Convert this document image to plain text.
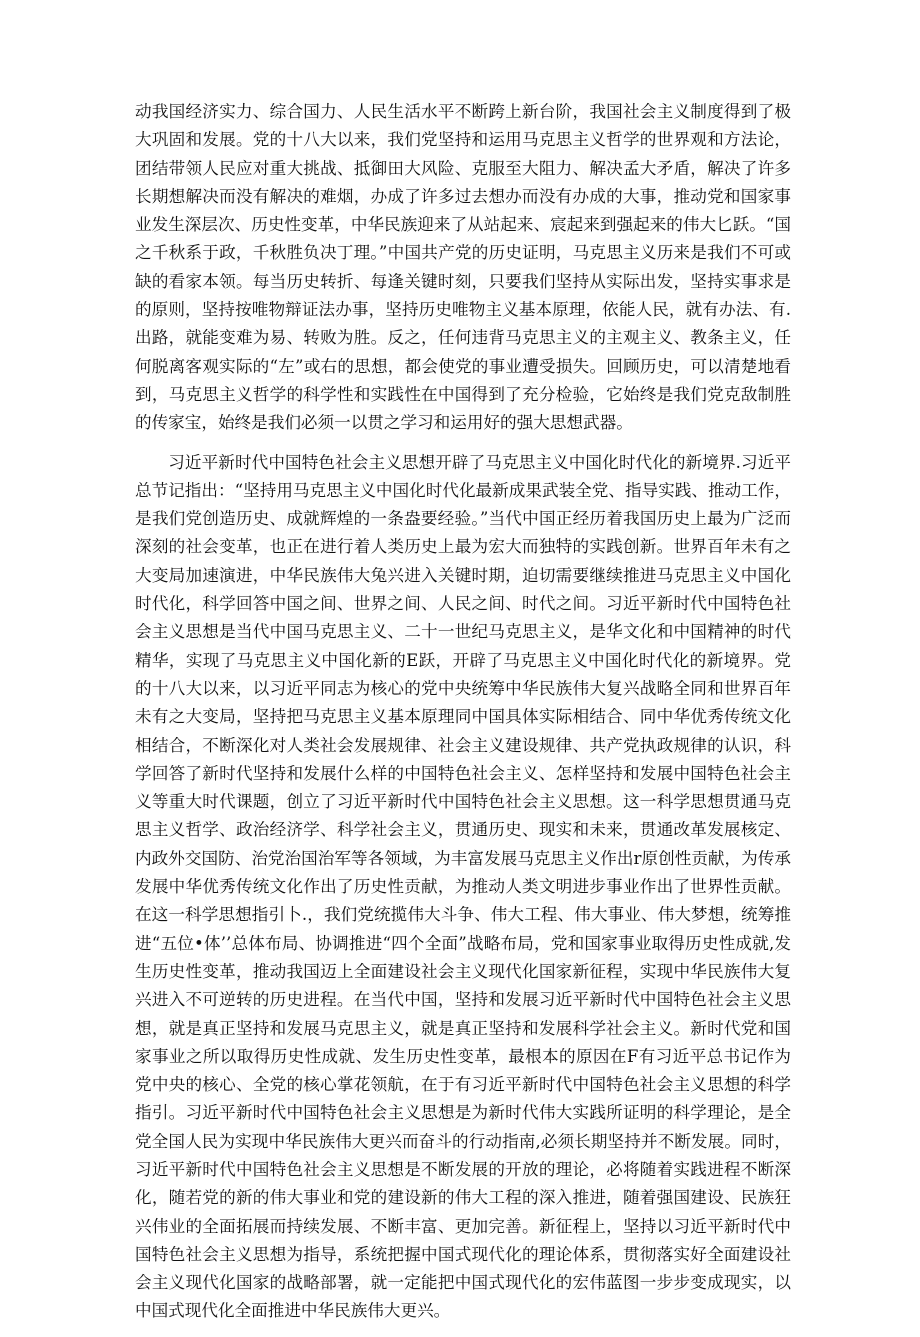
动我国经济实力、综合国力、人民生活水平不断跨上新台阶，我国社会主义制度得到了极大巩固和发展。党的十八大以来，我们党坚持和运用马克思主义哲学的世界观和方法论，团结带领人民应对重大挑战、抵御田大风险、克服至大阻力、解决孟大矛盾，解决了许多长期想解决而没有解决的难烟，办成了许多过去想办而没有办成的大事，推动党和国家事业发生深层次、历史性变革，中华民族迎来了从站起来、宸起来到强起来的伟大匕跃。“国之千秋系于政，千秋胜负决丁理。”中国共产党的历史证明，马克思主义历来是我们不可或缺的看家本领。每当历史转折、每逢关键时刻，只要我们坚持从实际出发，坚持实事求是的原则，坚持按唯物辩证法办事，坚持历史唯物主义基本原理，依能人民，就有办法、有.出路，就能变难为易、转败为胜。反之，任何违背马克思主义的主观主义、教条主义，任何脱离客观实际的“左”或右的思想，都会使党的事业遭受损失。回顾历史，可以清楚地看到，马克思主义哲学的科学性和实践性在中国得到了充分检验，它始终是我们党克敌制胜的传家宝，始终是我们必须一以贯之学习和运用好的强大思想武器。

习近平新时代中国特色社会主义思想开辟了马克思主义中国化时代化的新境界.习近平总节记指出：“坚持用马克思主义中国化时代化最新成果武装全党、指导实践、推动工作，是我们党创造历史、成就辉煌的一条盎要经验。”当代中国正经历着我国历史上最为广泛而深刻的社会变革，也正在进行着人类历史上最为宏大而独特的实践创新。世界百年未有之大变局加速演进，中华民族伟大兔兴进入关键时期，迫切需要继续推进马克思主义中国化时代化，科学回答中国之间、世界之间、人民之间、时代之间。习近平新时代中国特色社会主义思想是当代中国马克思主义、二十一世纪马克思主义，是华文化和中国精神的时代精华，实现了马克思主义中国化新的E跃，开辟了马克思主义中国化时代化的新境界。党的十八大以来，以习近平同志为核心的党中央统筹中华民族伟大复兴战略全同和世界百年未有之大变局，坚持把马克思主义基本原理同中国具体实际相结合、同中华优秀传统文化相结合，不断深化对人类社会发展规律、社会主义建设规律、共产党执政规律的认识，科学回答了新时代坚持和发展什么样的中国特色社会主义、怎样坚持和发展中国特色社会主义等重大时代课题，创立了习近平新时代中国特色社会主义思想。这一科学思想贯通马克思主义哲学、政治经济学、科学社会主义，贯通历史、现实和未来，贯通改革发展核定、内政外交国防、治党治国治军等各领域，为丰富发展马克思主义作出r原创性贡献，为传承发展中华优秀传统文化作出了历史性贡献，为推动人类文明进步事业作出了世界性贡献。在这一科学思想指引卜.，我们党统揽伟大斗争、伟大工程、伟大事业、伟大梦想，统筹推进“五位•体’’总体布局、协调推进“四个全面”战略布局，党和国家事业取得历史性成就,发生历史性变革，推动我国迈上全面建设社会主义现代化国家新征程，实现中华民族伟大复兴进入不可逆转的历史进程。在当代中国，坚持和发展习近平新时代中国特色社会主义思想，就是真正坚持和发展马克思主义，就是真正坚持和发展科学社会主义。新时代党和国家事业之所以取得历史性成就、发生历史性变革，最根本的原因在F有习近平总书记作为党中央的核心、全党的核心掌花领航，在于有习近平新时代中国特色社会主义思想的科学指引。习近平新时代中国特色社会主义思想是为新时代伟大实践所证明的科学理论，是全党全国人民为实现中华民族伟大更兴而奋斗的行动指南,必须长期坚持并不断发展。同时，习近平新时代中国特色社会主义思想是不断发展的开放的理论，必将随着实践进程不断深化，随若党的新的伟大事业和党的建设新的伟大工程的深入推进，随着强国建设、民族狂兴伟业的全面拓展而持续发展、不断丰富、更加完善。新征程上，坚持以习近平新时代中国特色社会主义思想为指导，系统把握中国式现代化的理论体系，贯彻落实好全面建设社会主义现代化国家的战略部署，就一定能把中国式现代化的宏伟蓝图一步步变成现实，以中国式现代化全面推进中华民族伟大更兴。
